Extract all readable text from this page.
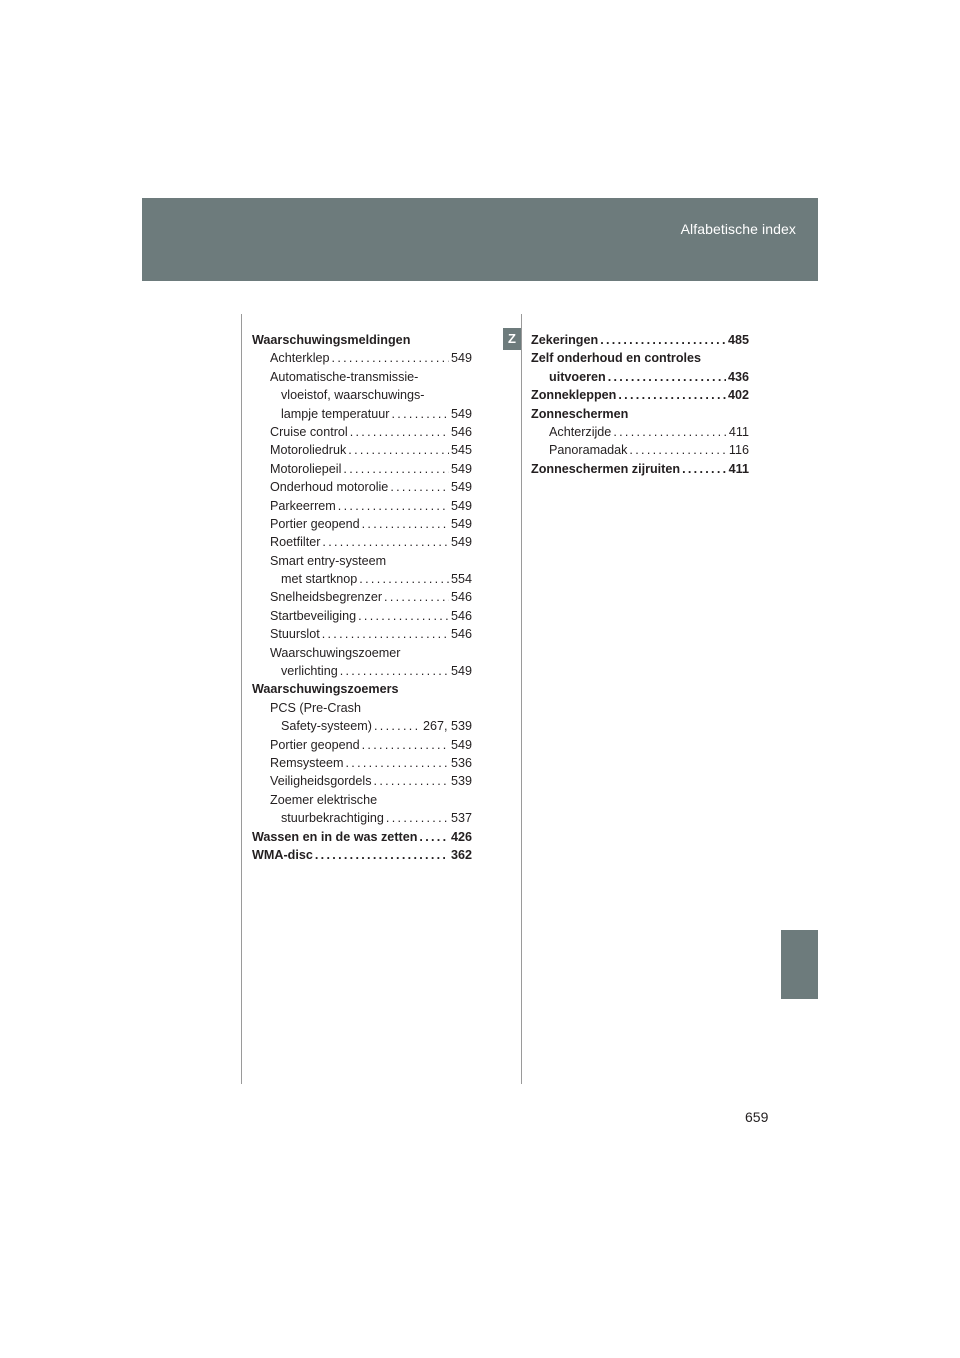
Alfabetische index
Z
Waarschuwingsmeldingen
Achterklep . . .	549
Automatische-transmissie-
vloeistof, waarschuwings-
lampje temperatuur . . .	549
Cruise control . . .	546
Motoroliedruk . . .	545
Motoroliepeil . . .	549
Onderhoud motorolie . . .	549
Parkeerrem . . .	549
Portier geopend . . .	549
Roetfilter . . .	549
Smart entry-systeem
met startknop . . .	554
Snelheidsbegrenzer . . .	546
Startbeveiliging . . .	546
Stuurslot . . .	546
Waarschuwingszoemer
verlichting . . .	549
Waarschuwingszoemers
PCS (Pre-Crash
Safety-systeem) . . .	267, 539
Portier geopend . . .	549
Remsysteem . . .	536
Veiligheidsgordels . . .	539
Zoemer elektrische
stuurbekrachtiging . . .	537
Wassen en in de was zetten . . .	426
WMA-disc . . .	362
Zekeringen . . .	485
Zelf onderhoud en controles
uitvoeren . . .	436
Zonnekleppen . . .	402
Zonneschermen
Achterzijde . . .	411
Panoramadak . . .	116
Zonneschermen zijruiten . . .	411
659
